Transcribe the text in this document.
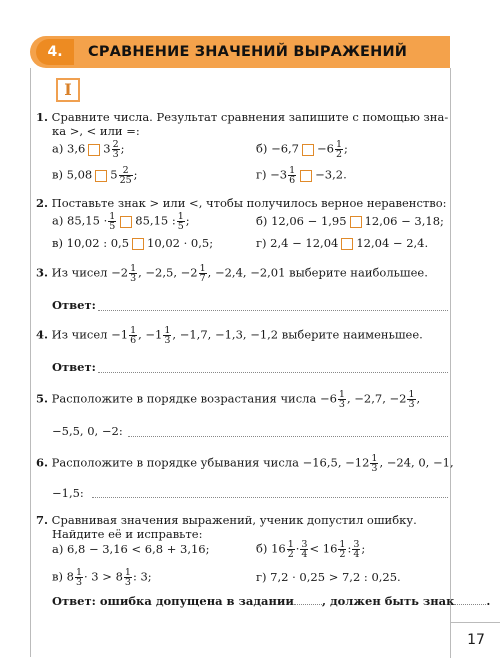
4.	СРАВНЕНИЕ ЗНАЧЕНИЙ ВЫРАЖЕНИЙ
I
1. Сравните числа. Результат сравнения запишите с помощью зна-
ка >, < или =:
а) 3,6 $3 \frac{2}{3}$ ;	$б) -6,7 -6 \frac{1}{2}$ ;
в) 5,08 $5 \frac{2}{25}$ ;	$г) -3 \frac{1}{6} -3,2$.
2. Поставьте знак > или <, чтобы получилось верное неравенство:
а) $85,15 \cdot \frac{1}{5} 85,15$ : $\frac{1}{5}$ ;	б) 12,06 − 1,95 12,06 − 3,18;
в) 10,02 : 0,5 10,02 · 0,5;	г) 2,4 − 12,04 12,04 − 2,4.
3. Из чисел $-2 \frac{1}{3}$ , −2,5, $-2 \frac{1}{7}$ , −2,4, −2,01 выберите наибольшее.
Ответ:
4. Из чисел $-1 \frac{1}{6}$ , $-1 \frac{1}{3}$ , −1,7, −1,3, −1,2 выберите наименьшее.
Ответ:
5. Расположите в порядке возрастания числа $-6 \frac{1}{3}$ , −2,7, $-2 \frac{1}{3}$ ,
−5,5, 0, −2:
6. Расположите в порядке убывания числа −16,5, $-12 \frac{1}{3}$ , −24, 0, −1,
−1,5:
7. Сравнивая значения выражений, ученик допустил ошибку.
Найдите её и исправьте:
а) 6,8 − 3,16 < 6,8 + 3,16;	б) $16 \frac{1}{2} \cdot \frac{3}{4} < 16 \frac{1}{2}$ : $\frac{3}{4}$ ;
в) $8 \frac{1}{3} \cdot 3 > 8 \frac{1}{3}$ : 3;	г) 7,2 · 0,25 > 7,2 : 0,25.
Ответ: ошибка допущена в задании , должен быть знак	.
17
